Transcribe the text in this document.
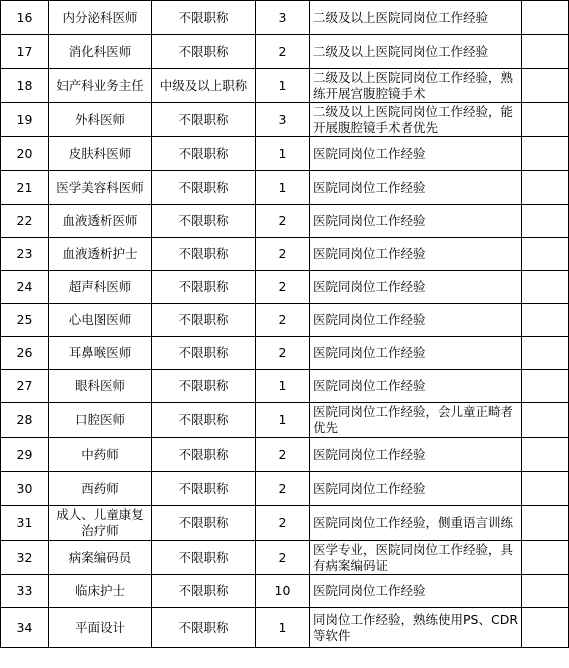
16	内分泌科医师	不限职称	3	二级及以上医院同岗位工作经验	
17	消化科医师	不限职称	2	二级及以上医院同岗位工作经验	
18	妇产科业务主任	中级及以上职称	1	二级及以上医院同岗位工作经验，熟练开展宫腹腔镜手术	
19	外科医师	不限职称	3	二级及以上医院同岗位工作经验，能开展腹腔镜手术者优先	
20	皮肤科医师	不限职称	1	医院同岗位工作经验	
21	医学美容科医师	不限职称	1	医院同岗位工作经验	
22	血液透析医师	不限职称	2	医院同岗位工作经验	
23	血液透析护士	不限职称	2	医院同岗位工作经验	
24	超声科医师	不限职称	2	医院同岗位工作经验	
25	心电图医师	不限职称	2	医院同岗位工作经验	
26	耳鼻喉医师	不限职称	2	医院同岗位工作经验	
27	眼科医师	不限职称	1	医院同岗位工作经验	
28	口腔医师	不限职称	1	医院同岗位工作经验，会儿童正畸者优先	
29	中药师	不限职称	2	医院同岗位工作经验	
30	西药师	不限职称	2	医院同岗位工作经验	
31	成人、儿童康复治疗师	不限职称	2	医院同岗位工作经验，侧重语言训练	
32	病案编码员	不限职称	2	医学专业，医院同岗位工作经验，具有病案编码证	
33	临床护士	不限职称	10	医院同岗位工作经验	
34	平面设计	不限职称	1	同岗位工作经验，熟练使用PS、CDR等软件	
